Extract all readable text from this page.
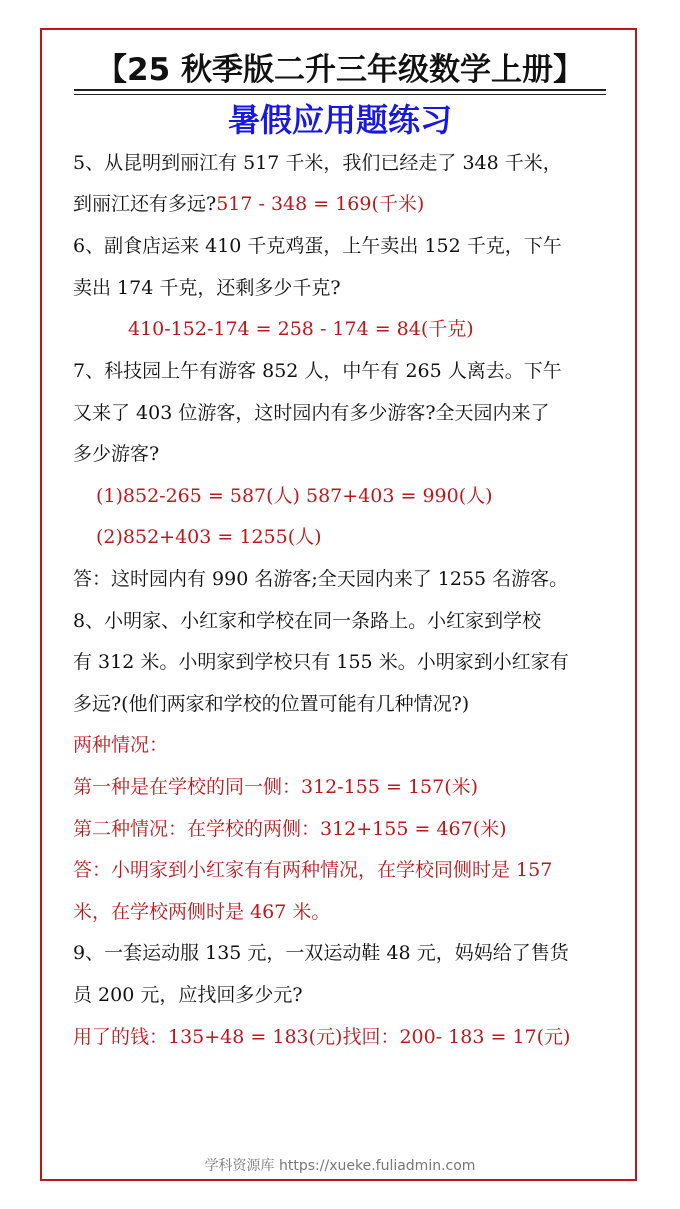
【25 秋季版二升三年级数学上册】
暑假应用题练习
5、从昆明到丽江有 517 千米，我们已经走了 348 千米，
到丽江还有多远?517 - 348 = 169(千米)
6、副食店运来 410 千克鸡蛋，上午卖出 152 千克，下午
卖出 174 千克，还剩多少千克?
410-152-174 = 258 - 174 = 84(千克)
7、科技园上午有游客 852 人，中午有 265 人离去。下午
又来了 403 位游客，这时园内有多少游客?全天园内来了
多少游客?
(1)852-265 = 587(人) 587+403 = 990(人)
(2)852+403 = 1255(人)
答：这时园内有 990 名游客;全天园内来了 1255 名游客。
8、小明家、小红家和学校在同一条路上。小红家到学校
有 312 米。小明家到学校只有 155 米。小明家到小红家有
多远?(他们两家和学校的位置可能有几种情况?)
两种情况：
第一种是在学校的同一侧：312-155 = 157(米)
第二种情况：在学校的两侧：312+155 = 467(米)
答：小明家到小红家有有两种情况，在学校同侧时是 157
米，在学校两侧时是 467 米。
9、一套运动服 135 元，一双运动鞋 48 元，妈妈给了售货
员 200 元，应找回多少元?
用了的钱：135+48 = 183(元)找回：200- 183 = 17(元)
学科资源库 https://xueke.fuliadmin.com
